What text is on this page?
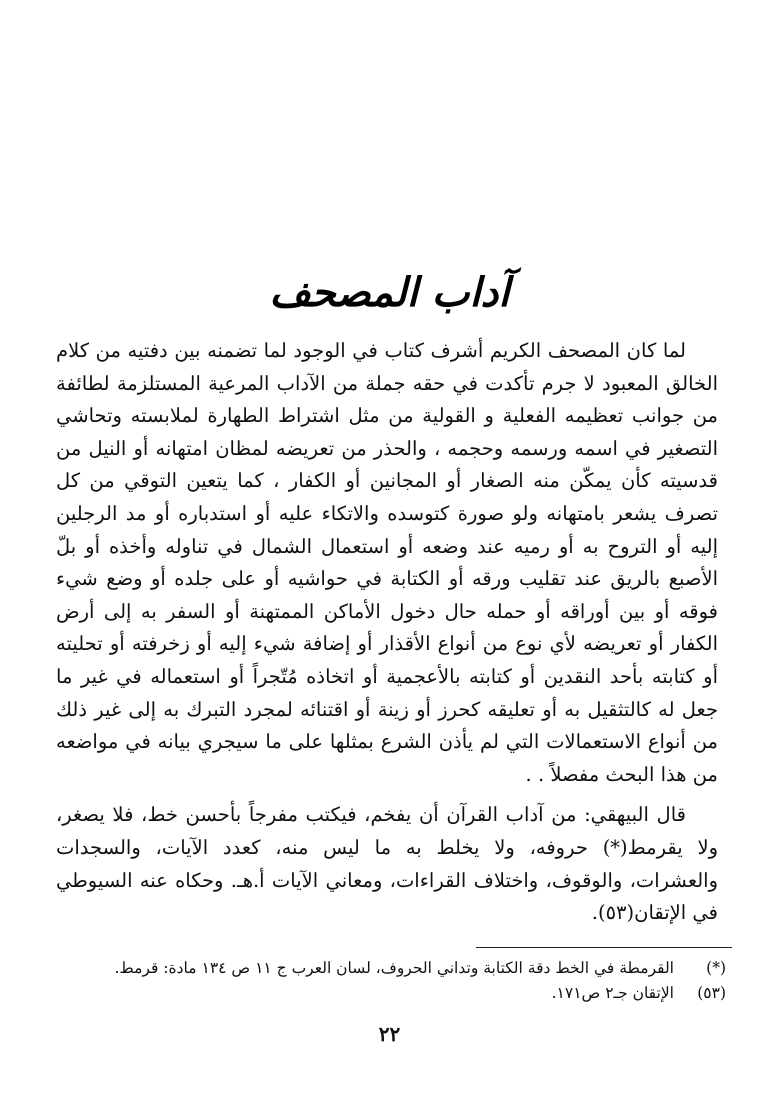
آداب المصحف

لما كان المصحف الكريم أشرف كتاب في الوجود لما تضمنه بين دفتيه من كلام الخالق المعبود لا جرم تأكدت في حقه جملة من الآداب المرعية المستلزمة لطائفة من جوانب تعظيمه الفعلية و القولية من مثل اشتراط الطهارة لملابسته وتحاشي التصغير في اسمه ورسمه وحجمه ، والحذر من تعريضه لمظان امتهانه أو النيل من قدسيته كأن يمكّن منه الصغار أو المجانين أو الكفار ، كما يتعين التوقي من كل تصرف يشعر بامتهانه ولو صورة كتوسده والاتكاء عليه أو استدباره أو مد الرجلين إليه أو التروح به أو رميه عند وضعه أو استعمال الشمال في تناوله وأخذه أو بلّ الأصبع بالريق عند تقليب ورقه أو الكتابة في حواشيه أو على جلده أو وضع شيء فوقه أو بين أوراقه أو حمله حال دخول الأماكن الممتهنة أو السفر به إلى أرض الكفار أو تعريضه لأي نوع من أنواع الأقذار أو إضافة شيء إليه أو زخرفته أو تحليته أو كتابته بأحد النقدين أو كتابته بالأعجمية أو اتخاذه مُتّجراً أو استعماله في غير ما جعل له كالتثقيل به أو تعليقه كحرز أو زينة أو اقتنائه لمجرد التبرك به إلى غير ذلك من أنواع الاستعمالات التي لم يأذن الشرع بمثلها على ما سيجري بيانه في مواضعه من هذا البحث مفصلاً . .

قال البيهقي: من آداب القرآن أن يفخم، فيكتب مفرجاً بأحسن خط، فلا يصغر، ولا يقرمط(*) حروفه، ولا يخلط به ما ليس منه، كعدد الآيات، والسجدات والعشرات، والوقوف، واختلاف القراءات، ومعاني الآيات أ.هـ. وحكاه عنه السيوطي في الإتقان(٥٣).

(*)القرمطة في الخط دقة الكتابة وتداني الحروف، لسان العرب ج ١١ ص ١٣٤ مادة: قرمط.
(٥٣)الإتقان جـ٢ ص١٧١.
٢٢
